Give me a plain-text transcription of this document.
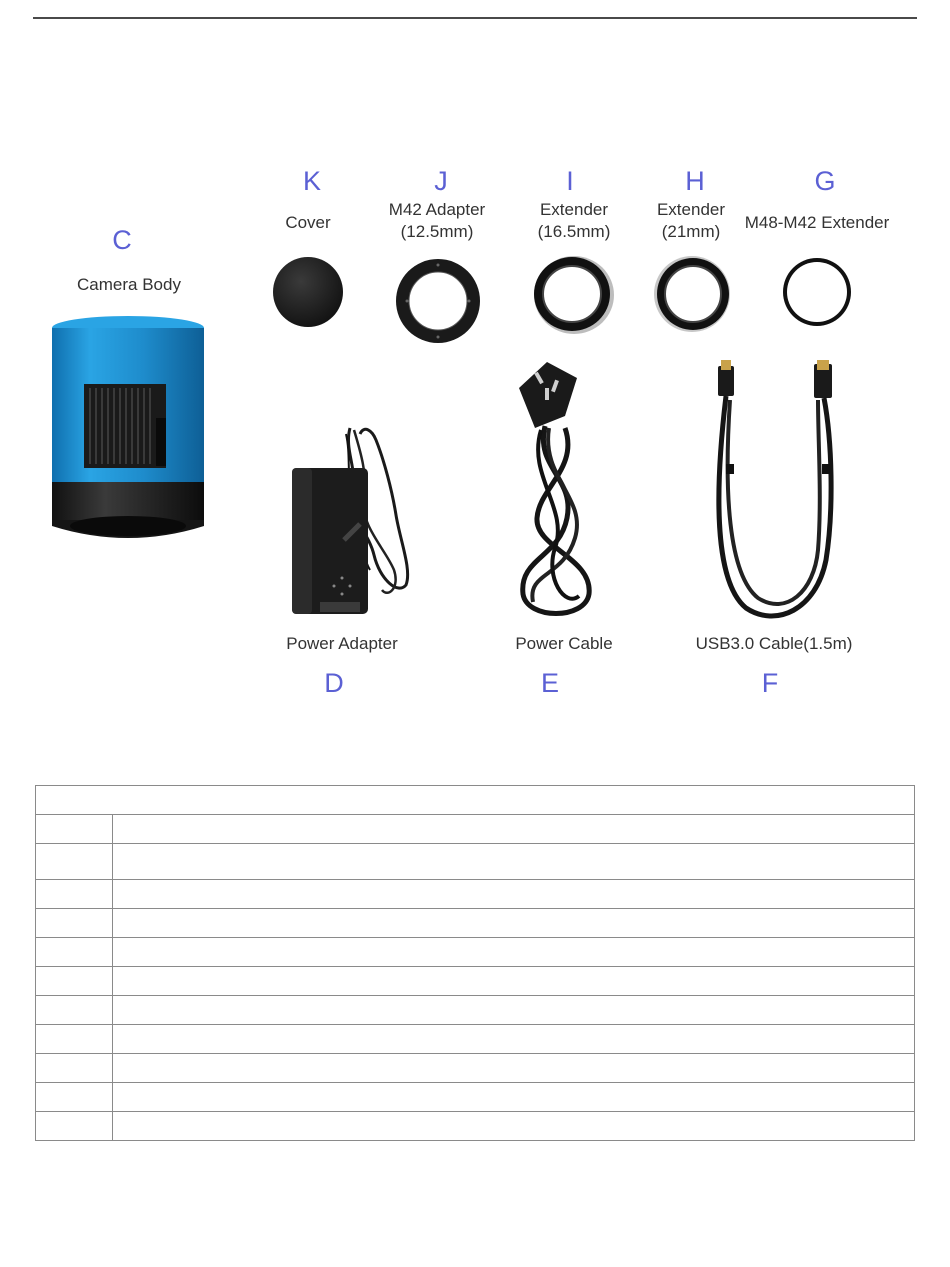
K
Cover
J
M42 Adapter
(12.5mm)
I
Extender
(16.5mm)
H
Extender
(21mm)
G
M48-M42 Extender
C
Camera Body
Power Adapter
D
Power Cable
E
USB3.0 Cable(1.5m)
F
